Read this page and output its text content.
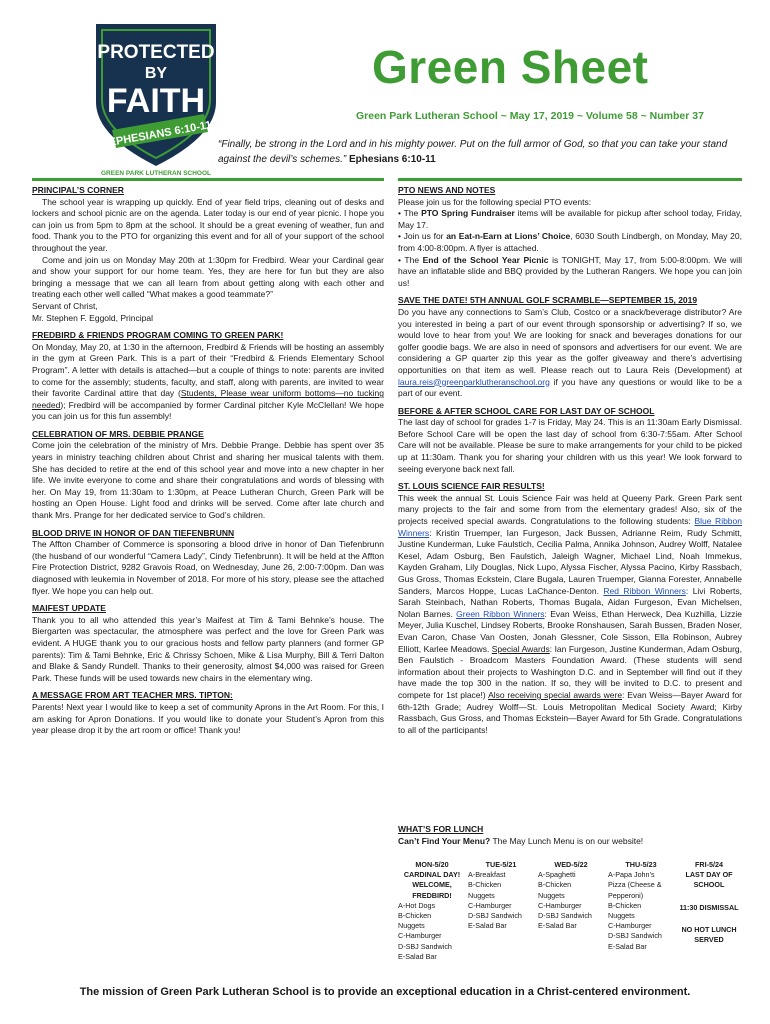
PROTECTED
BY
FAITH
EPHESIANS 6:10-11
GREEN PARK LUTHERAN SCHOOL
Green Sheet
Green Park Lutheran School ~ May 17, 2019 ~ Volume 58 ~ Number 37
“Finally, be strong in the Lord and in his mighty power. Put on the full armor of God, so that you can take your stand against the devil’s schemes.” Ephesians 6:10-11

PRINCIPAL’S CORNER

The school year is wrapping up quickly. End of year field trips, cleaning out of desks and lockers and school picnic are on the agenda. Later today is our end of year picnic. I hope you can join us from 5pm to 8pm at the school. It should be a great evening of weather, fun and food. Thank you to the PTO for organizing this event and for all of your support of the school throughout the year.

Come and join us on Monday May 20th at 1:30pm for Fredbird. Wear your Cardinal gear and show your support for our home team. Yes, they are here for fun but they are also bringing a message that we can all learn from about getting along with each other and treating each other well called “What makes a good teammate?”

Servant of Christ,

Mr. Stephen F. Eggold, Principal

FREDBIRD & FRIENDS PROGRAM COMING TO GREEN PARK!

On Monday, May 20, at 1:30 in the afternoon, Fredbird & Friends will be hosting an assembly in the gym at Green Park. This is a part of their “Fredbird & Friends Elementary School Program”. A letter with details is attached—but a couple of things to note: parents are invited to come for the assembly; students, faculty, and staff, along with parents, are invited to wear their favorite Cardinal attire that day (Students, Please wear uniform bottoms—no tucking needed); Fredbird will be accompanied by former Cardinal pitcher Kyle McClellan! We hope you can join us for this fun assembly!

CELEBRATION OF MRS. DEBBIE PRANGE

Come join the celebration of the ministry of Mrs. Debbie Prange. Debbie has spent over 35 years in ministry teaching children about Christ and sharing her musical talents with them. She has decided to retire at the end of this school year and move into a new chapter in her life. We invite everyone to come and share their congratulations and words of blessing with her. On May 19, from 11:30am to 1:30pm, at Peace Lutheran Church, Green Park will be hosting an Open House. Light food and drinks will be served. Come after late church and thank Mrs. Prange for her dedicated service to God’s children.

BLOOD DRIVE IN HONOR OF DAN TIEFENBRUNN

The Affton Chamber of Commerce is sponsoring a blood drive in honor of Dan Tiefenbrunn (the husband of our wonderful “Camera Lady”, Cindy Tiefenbrunn). It will be held at the Affton Fire Protection District, 9282 Gravois Road, on Wednesday, June 26, 2:00-7:00pm. Dan was diagnosed with leukemia in November of 2018. For more of his story, please see the attached flyer. We hope you can help out.

MAIFEST UPDATE

Thank you to all who attended this year’s Maifest at Tim & Tami Behnke’s house. The Biergarten was spectacular, the atmosphere was perfect and the love for Green Park was evident. A HUGE thank you to our gracious hosts and fellow party planners (and former GP parents): Tim & Tami Behnke, Eric & Chrissy Schoen, Mike & Lisa Murphy, Bill & Terri Dalton and Blake & Sandy Rundell. Thanks to their generosity, almost $4,000 was raised for Green Park. These funds will be used towards new chairs in the elementary wing.

A MESSAGE FROM ART TEACHER MRS. TIPTON:

Parents! Next year I would like to keep a set of community Aprons in the Art Room. For this, I am asking for Apron Donations. If you would like to donate your Student’s Apron from this year please drop it by the art room or office! Thank you!

PTO NEWS AND NOTES

Please join us for the following special PTO events:

• The PTO Spring Fundraiser items will be available for pickup after school today, Friday, May 17.

• Join us for an Eat-n-Earn at Lions’ Choice, 6030 South Lindbergh, on Monday, May 20, from 4:00-8:00pm. A flyer is attached.

• The End of the School Year Picnic is TONIGHT, May 17, from 5:00-8:00pm. We will have an inflatable slide and BBQ provided by the Lutheran Rangers. We hope you can join us!

SAVE THE DATE! 5TH ANNUAL GOLF SCRAMBLE—SEPTEMBER 15, 2019

Do you have any connections to Sam’s Club, Costco or a snack/beverage distributor? Are you interested in being a part of our event through sponsorship or advertising? If so, we would love to hear from you! We are looking for snack and beverages donations for our golfer goodie bags. We are also in need of sponsors and advertisers for our event. We are considering a GP quarter zip this year as the golfer giveaway and there’s advertising opportunities on that item as well. Please reach out to Laura Reis (Development) at laura.reis@greenparklutheranschool.org if you have any questions or would like to be a part of our event.

BEFORE & AFTER SCHOOL CARE FOR LAST DAY OF SCHOOL

The last day of school for grades 1-7 is Friday, May 24. This is an 11:30am Early Dismissal. Before School Care will be open the last day of school from 6:30-7:55am. After School Care will not be available. Please be sure to make arrangements for your child to be picked up at 11:30am. Thank you for sharing your children with us this year! We look forward to seeing everyone back next fall.

ST. LOUIS SCIENCE FAIR RESULTS!

This week the annual St. Louis Science Fair was held at Queeny Park. Green Park sent many projects to the fair and some from from the elementary grades! Also, six of the projects received special awards. Congratulations to the following students: Blue Ribbon Winners: Kristin Truemper, Ian Furgeson, Jack Bussen, Adrianne Reim, Rudy Schmitt, Justine Kunderman, Luke Faulstich, Cecilia Palma, Annika Johnson, Audrey Wolff, Natalee Kesel, Adam Osburg, Ben Faulstich, Jaleigh Wagner, Michael Lind, Noah Immekus, Kayden Graham, Lily Douglas, Nick Lupo, Alyssa Fischer, Alyssa Pacino, Kirby Rassbach, Gus Gross, Thomas Eckstein, Clare Bugala, Lauren Truemper, Gianna Forester, Annabelle Sanders, Marcos Hoppe, Lucas LaChance-Denton. Red Ribbon Winners: Livi Roberts, Sarah Steinbach, Nathan Roberts, Thomas Bugala, Aidan Furgeson, Evan Michelsen, Nolan Barnes. Green Ribbon Winners: Evan Weiss, Ethan Herweck, Dea Kuzhilla, Lizzie Meyer, Julia Kuschel, Lindsey Roberts, Brooke Ronshausen, Sarah Bussen, Braden Noser, Evan Caron, Chase Van Oosten, Jonah Glessner, Cole Sisson, Ella Robinson, Aubrey Elliott, Karlee Meadows. Special Awards: Ian Furgeson, Justine Kunderman, Adam Osburg, Ben Faulstich - Broadcom Masters Foundation Award. (These students will send information about their projects to Washington D.C. and in September will find out if they have made the top 300 in the nation. If so, they will be invited to D.C. to present and compete for 1st place!) Also receiving special awards were: Evan Weiss—Bayer Award for 6th-12th Grade; Audrey Wolff—St. Louis Metropolitan Medical Society Award; Kirby Rassbach, Gus Gross, and Thomas Eckstein—Bayer Award for 5th Grade. Congratulations to all of the participants!

WHAT’S FOR LUNCH

Can’t Find Your Menu? The May Lunch Menu is on our website!

MON-5/20
CARDINAL DAY!
WELCOME,
FREDBIRD!
A-Hot Dogs
B-Chicken
Nuggets
C-Hamburger
D-SBJ Sandwich
E-Salad Bar
TUE-5/21
A-Breakfast
B-Chicken
Nuggets
C-Hamburger
D-SBJ Sandwich
E-Salad Bar
WED-5/22
A-Spaghetti
B-Chicken
Nuggets
C-Hamburger
D-SBJ Sandwich
E-Salad Bar
THU-5/23
A-Papa John’s
Pizza (Cheese &
Pepperoni)
B-Chicken
Nuggets
C-Hamburger
D-SBJ Sandwich
E-Salad Bar
FRI-5/24
LAST DAY OF
SCHOOL
11:30 DISMISSAL
NO HOT LUNCH
SERVED
The mission of Green Park Lutheran School is to provide an exceptional education in a Christ-centered environment.
